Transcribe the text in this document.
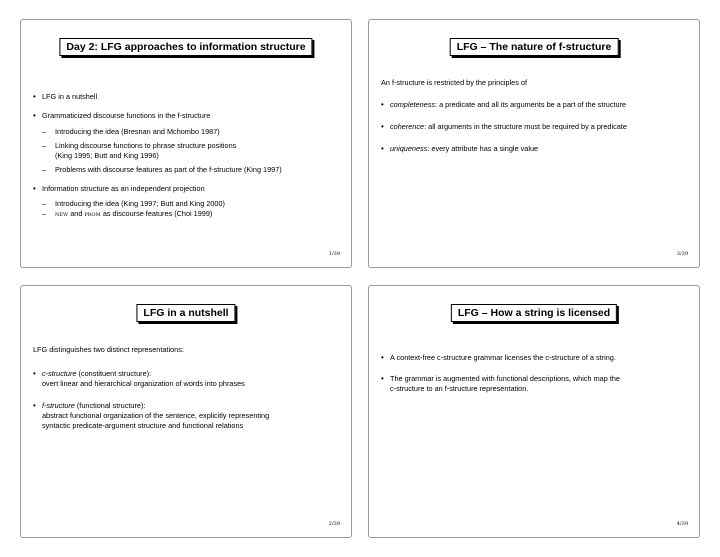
Day 2: LFG approaches to information structure
• LFG in a nutshell
• Grammaticized discourse functions in the f-structure
– Introducing the idea (Bresnan and Mchombo 1987)
– Linking discourse functions to phrase structure positions
(King 1995; Butt and King 1996)
– Problems with discourse features as part of the f-structure (King 1997)
• Information structure as an independent projection
– Introducing the idea (King 1997; Butt and King 2000)
– new and prom as discourse features (Choi 1999)
1/39
LFG – The nature of f-structure
An f-structure is restricted by the principles of
• completeness: a predicate and all its arguments be a part of the structure
• coherence: all arguments in the structure must be required by a predicate
• uniqueness: every attribute has a single value
3/39
LFG in a nutshell
LFG distinguishes two distinct representations:
• c-structure (constituent structure):
overt linear and hierarchical organization of words into phrases
• f-structure (functional structure):
abstract functional organization of the sentence, explicitly representing
syntactic predicate-argument structure and functional relations
2/39
LFG – How a string is licensed
• A context-free c-structure grammar licenses the c-structure of a string.
• The grammar is augmented with functional descriptions, which map the
c-structure to an f-structure representation.
4/39
